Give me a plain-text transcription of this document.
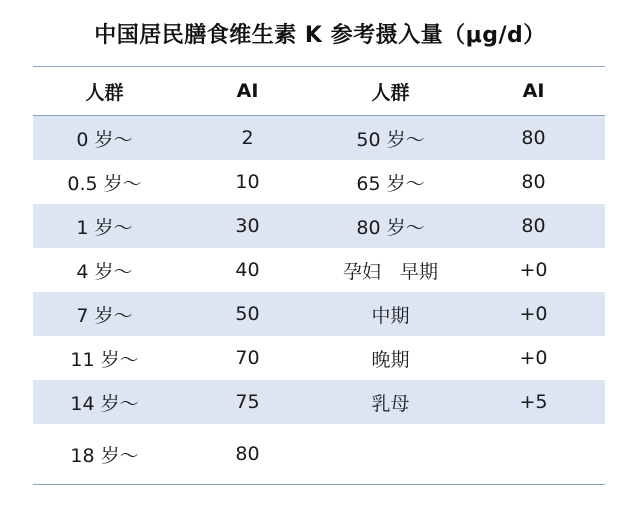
中国居民膳食维生素 K 参考摄入量（μg/d）
人群	AI	人群	AI
0 岁～	2	50 岁～	80
0.5 岁～	10	65 岁～	80
1 岁～	30	80 岁～	80
4 岁～	40	孕妇　早期	+0
7 岁～	50	中期	+0
11 岁～	70	晚期	+0
14 岁～	75	乳母	+5
18 岁～	80
